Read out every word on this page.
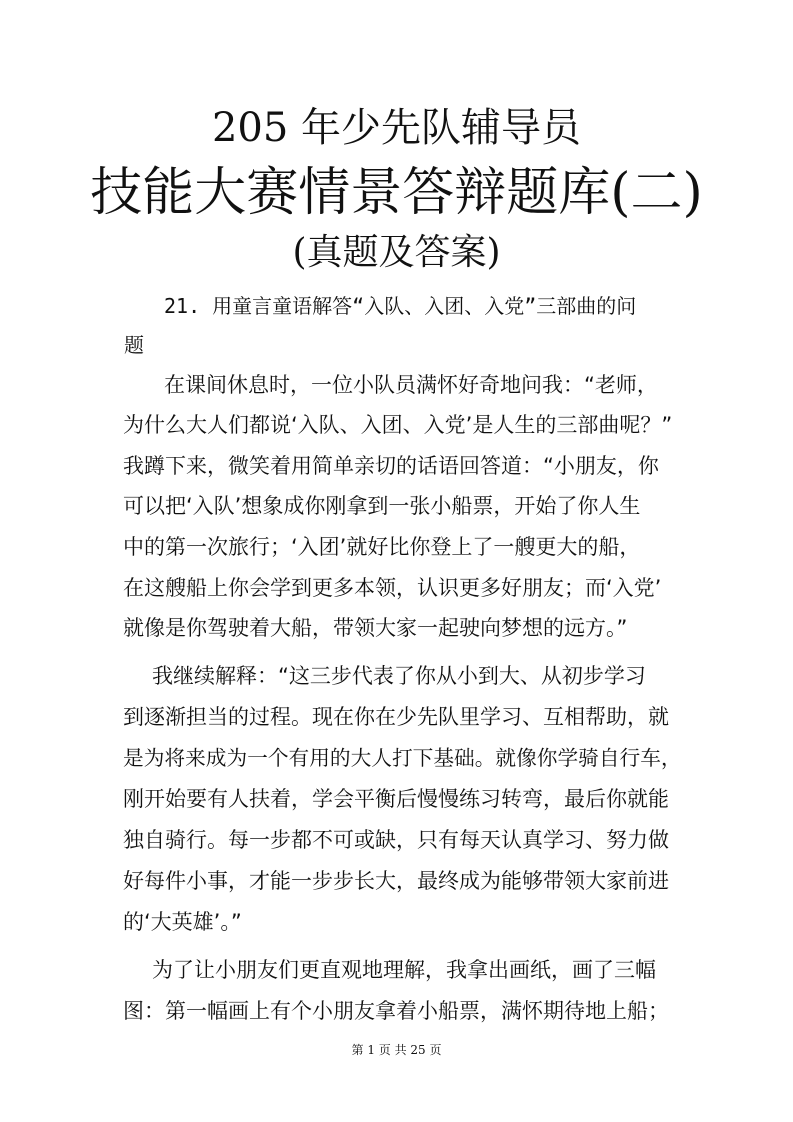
205 年少先队辅导员
技能大赛情景答辩题库(二)
(真题及答案)
21. 用童言童语解答“入队、入团、入党”三部曲的问
题
在课间休息时，一位小队员满怀好奇地问我：“老师，
为什么大人们都说‘入队、入团、入党’是人生的三部曲呢？”
我蹲下来，微笑着用简单亲切的话语回答道：“小朋友，你
可以把‘入队’想象成你刚拿到一张小船票，开始了你人生
中的第一次旅行；‘入团’就好比你登上了一艘更大的船，
在这艘船上你会学到更多本领，认识更多好朋友；而‘入党’
就像是你驾驶着大船，带领大家一起驶向梦想的远方。”
我继续解释：“这三步代表了你从小到大、从初步学习
到逐渐担当的过程。现在你在少先队里学习、互相帮助，就
是为将来成为一个有用的大人打下基础。就像你学骑自行车，
刚开始要有人扶着，学会平衡后慢慢练习转弯，最后你就能
独自骑行。每一步都不可或缺，只有每天认真学习、努力做
好每件小事，才能一步步长大，最终成为能够带领大家前进
的‘大英雄’。”
为了让小朋友们更直观地理解，我拿出画纸，画了三幅
图：第一幅画上有个小朋友拿着小船票，满怀期待地上船；
第 1 页 共 25 页
